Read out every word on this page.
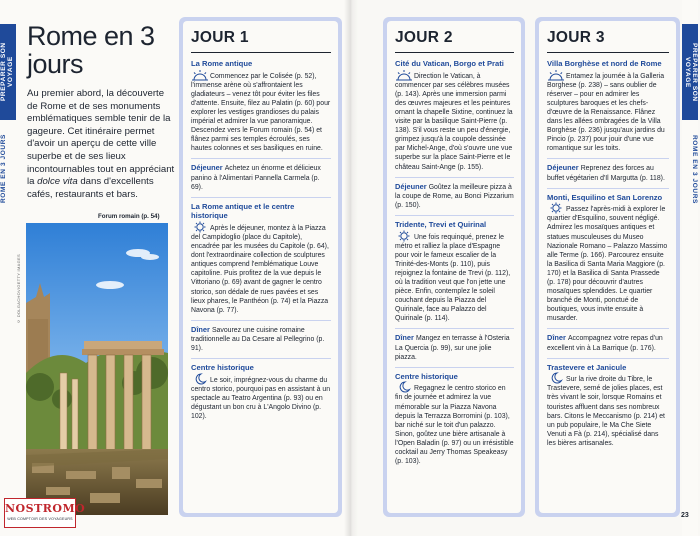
PRÉPARER SON VOYAGE
ROME EN 3 JOURS
PRÉPARER SON VOYAGE
ROME EN 3 JOURS
Rome en 3 jours

Au premier abord, la découverte de Rome et de ses monuments emblématiques semble tenir de la gageure. Cet itinéraire permet d'avoir un aperçu de cette ville superbe et de ses lieux incontournables tout en appréciant la dolce vita dans d'excellents cafés, restaurants et bars.

Forum romain (p. 54)
© DOLGACHOV/GETTY IMAGES
NOSTROMO
WEB COMPTOIR DES VOYAGEURS
JOUR 1
La Rome antique
Commencez par le Colisée (p. 52), l'immense arène où s'affrontaient les gladiateurs – venez tôt pour éviter les files d'attente. Ensuite, filez au Palatin (p. 60) pour explorer les vestiges grandioses du palais impérial et admirer la vue panoramique. Descendez vers le Forum romain (p. 54) et flânez parmi ses temples écroulés, ses hautes colonnes et ses basiliques en ruine.
Déjeuner Achetez un énorme et délicieux panino à l'Alimentari Pannella Carmela (p. 69).
La Rome antique et le centre historique
Après le déjeuner, montez à la Piazza del Campidoglio (place du Capitole), encadrée par les musées du Capitole (p. 64), dont l'extraordinaire collection de sculptures antiques comprend l'emblématique Louve capitoline. Puis profitez de la vue depuis le Vittoriano (p. 69) avant de gagner le centro storico, son dédale de rues pavées et ses lieux phares, le Panthéon (p. 74) et la Piazza Navona (p. 77).
Dîner Savourez une cuisine romaine traditionnelle au Da Cesare al Pellegrino (p. 91).
Centre historique
Le soir, imprégnez-vous du charme du centro storico, pourquoi pas en assistant à un spectacle au Teatro Argentina (p. 93) ou en dégustant un bon cru à L'Angolo Divino (p. 102).
JOUR 2
Cité du Vatican, Borgo et Prati
Direction le Vatican, à commencer par ses célèbres musées (p. 143). Après une immersion parmi des œuvres majeures et les peintures ornant la chapelle Sixtine, continuez la visite par la basilique Saint-Pierre (p. 138). S'il vous reste un peu d'énergie, grimpez jusqu'à la coupole dessinée par Michel-Ange, d'où s'ouvre une vue superbe sur la place Saint-Pierre et le château Saint-Ange (p. 155).
Déjeuner Goûtez la meilleure pizza à la coupe de Rome, au Bonci Pizzarium (p. 150).
Tridente, Trevi et Quirinal
Une fois requinqué, prenez le métro et ralliez la place d'Espagne pour voir le fameux escalier de la Trinité-des-Monts (p. 110), puis rejoignez la fontaine de Trevi (p. 112), où la tradition veut que l'on jette une pièce. Enfin, contemplez le soleil couchant depuis la Piazza del Quirinale, face au Palazzo del Quirinale (p. 114).
Dîner Mangez en terrasse à l'Osteria La Quercia (p. 99), sur une jolie piazza.
Centre historique
Regagnez le centro storico en fin de journée et admirez la vue mémorable sur la Piazza Navona depuis la Terrazza Borromini (p. 103), bar niché sur le toit d'un palazzo. Sinon, goûtez une bière artisanale à l'Open Baladin (p. 97) ou un irrésistible cocktail au Jerry Thomas Speakeasy (p. 103).
JOUR 3
Villa Borghèse et nord de Rome
Entamez la journée à la Galleria Borghese (p. 238) – sans oublier de réserver – pour en admirer les sculptures baroques et les chefs-d'œuvre de la Renaissance. Flânez dans les allées ombragées de la Villa Borghèse (p. 236) jusqu'aux jardins du Pincio (p. 237) pour jouir d'une vue romantique sur les toits.
Déjeuner Reprenez des forces au buffet végétarien d'Il Margutta (p. 118).
Monti, Esquilino et San Lorenzo
Passez l'après-midi à explorer le quartier d'Esquilino, souvent négligé. Admirez les mosaïques antiques et statues musculeuses du Museo Nazionale Romano – Palazzo Massimo alle Terme (p. 166). Parcourez ensuite la Basilica di Santa Maria Maggiore (p. 170) et la Basilica di Santa Prassede (p. 178) pour découvrir d'autres mosaïques splendides. Le quartier branché de Monti, ponctué de boutiques, vous invite ensuite à musarder.
Dîner Accompagnez votre repas d'un excellent vin à La Barrique (p. 176).
Trastevere et Janicule
Sur la rive droite du Tibre, le Trastevere, semé de jolies places, est très vivant le soir, lorsque Romains et touristes affluent dans ses nombreux bars. Citons le Meccanismo (p. 214) et un pub populaire, le Ma Che Siete Venuti a Fà (p. 214), spécialisé dans les bières artisanales.
23
